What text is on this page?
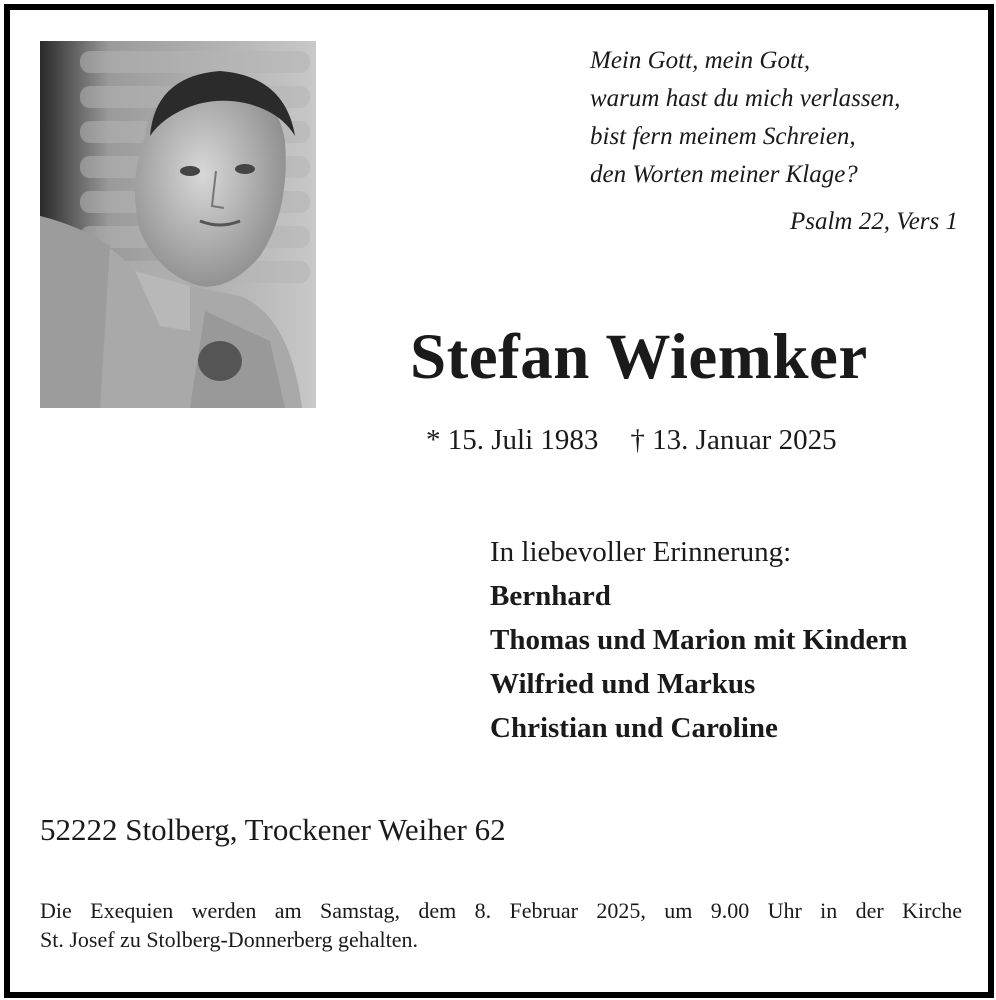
Mein Gott, mein Gott,
warum hast du mich verlassen,
bist fern meinem Schreien,
den Worten meiner Klage?
Psalm 22, Vers 1
Stefan Wiemker
* 15. Juli 1983 † 13. Januar 2025
In liebevoller Erinnerung:
Bernhard
Thomas und Marion mit Kindern
Wilfried und Markus
Christian und Caroline
52222 Stolberg, Trockener Weiher 62
Die Exequien werden am Samstag, dem 8. Februar 2025, um 9.00 Uhr in der Kirche
St. Josef zu Stolberg-Donnerberg gehalten.
